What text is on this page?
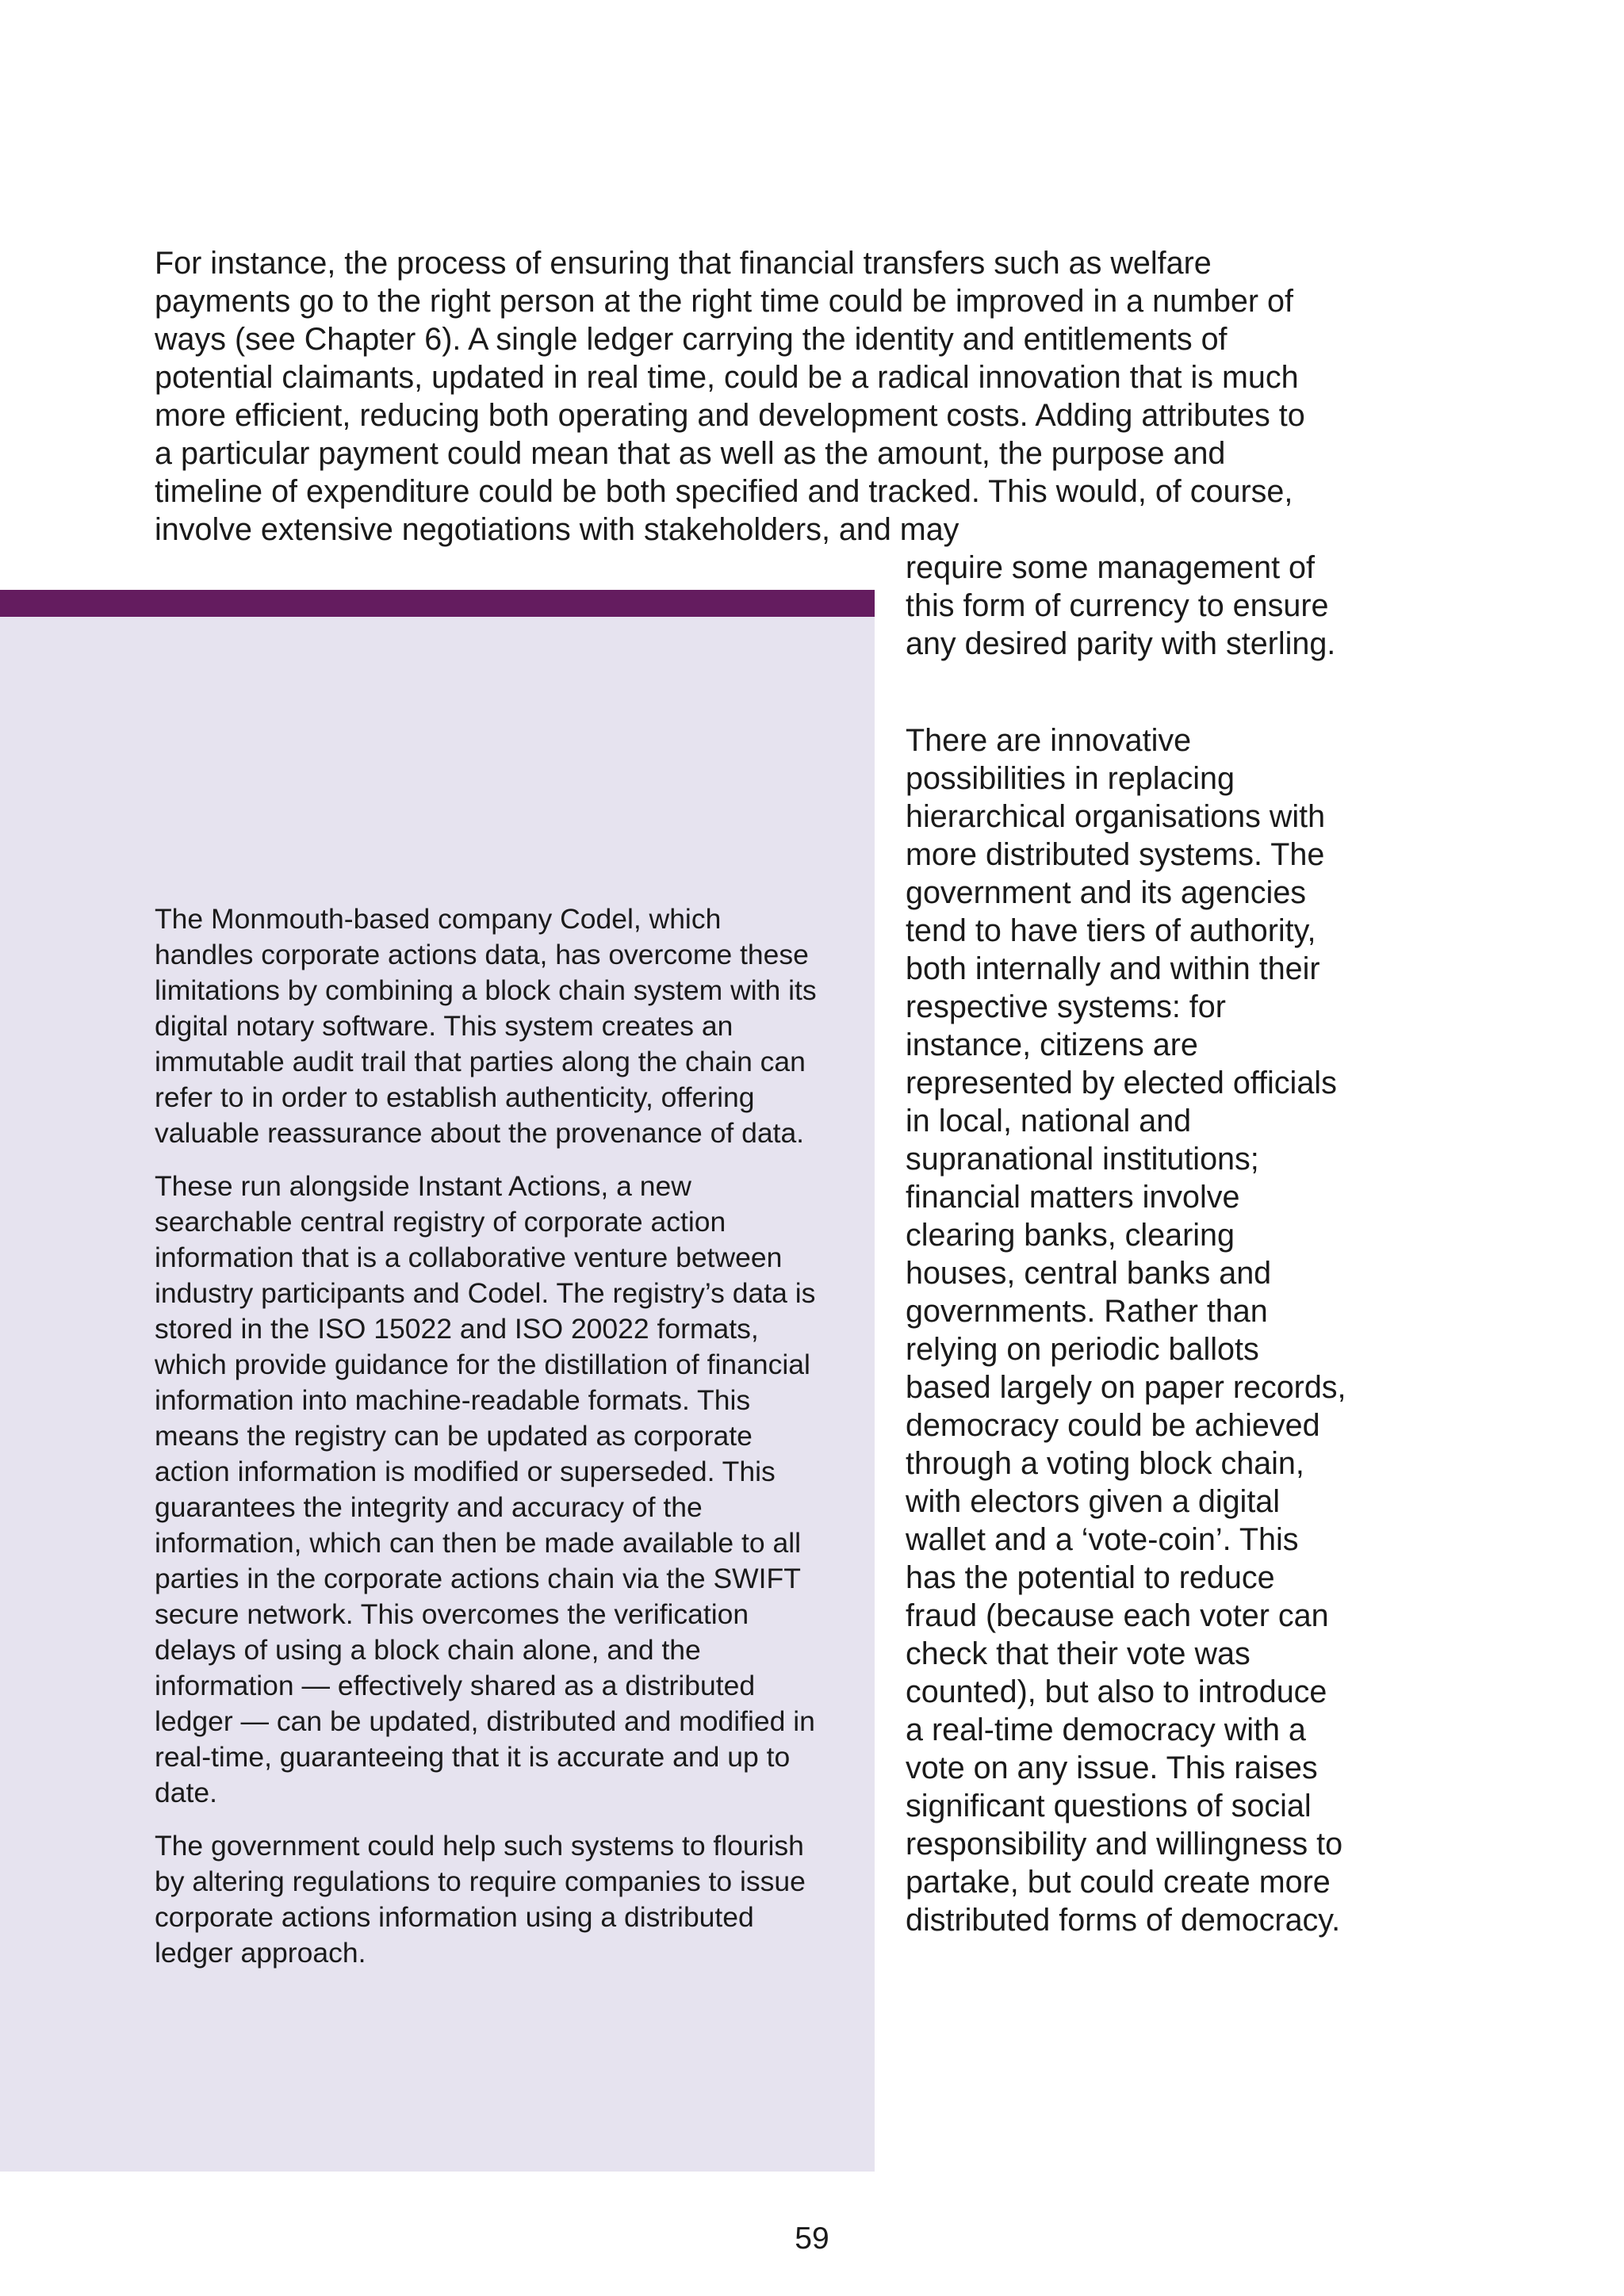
For instance, the process of ensuring that financial transfers such as welfare payments go to the right person at the right time could be improved in a number of ways (see Chapter 6). A single ledger carrying the identity and entitlements of potential claimants, updated in real time, could be a radical innovation that is much more efficient, reducing both operating and development costs. Adding attributes to a particular payment could mean that as well as the amount, the purpose and timeline of expenditure could be both specified and tracked. This would, of course, involve extensive negotiations with stakeholders, and may

require some management of this form of currency to ensure any desired parity with sterling.

The Monmouth-based company Codel, which handles corporate actions data, has overcome these limitations by combining a block chain system with its digital notary software. This system creates an immutable audit trail that parties along the chain can refer to in order to establish authenticity, offering valuable reassurance about the provenance of data.

These run alongside Instant Actions, a new searchable central registry of corporate action information that is a collaborative venture between industry participants and Codel. The registry’s data is stored in the ISO 15022 and ISO 20022 formats, which provide guidance for the distillation of financial information into machine-readable formats. This means the registry can be updated as corporate action information is modified or superseded. This guarantees the integrity and accuracy of the information, which can then be made available to all parties in the corporate actions chain via the SWIFT secure network. This overcomes the verification delays of using a block chain alone, and the information — effectively shared as a distributed ledger — can be updated, distributed and modified in real-time, guaranteeing that it is accurate and up to date.

The government could help such systems to flourish by altering regulations to require companies to issue corporate actions information using a distributed ledger approach.

There are innovative possibilities in replacing hierarchical organisations with more distributed systems. The government and its agencies tend to have tiers of authority, both internally and within their respective systems: for instance, citizens are represented by elected officials in local, national and supranational institutions; financial matters involve clearing banks, clearing houses, central banks and governments. Rather than relying on periodic ballots based largely on paper records, democracy could be achieved through a voting block chain, with electors given a digital wallet and a ‘vote-coin’. This has the potential to reduce fraud (because each voter can check that their vote was counted), but also to introduce a real-time democracy with a vote on any issue. This raises significant questions of social responsibility and willingness to partake, but could create more distributed forms of democracy.

59
